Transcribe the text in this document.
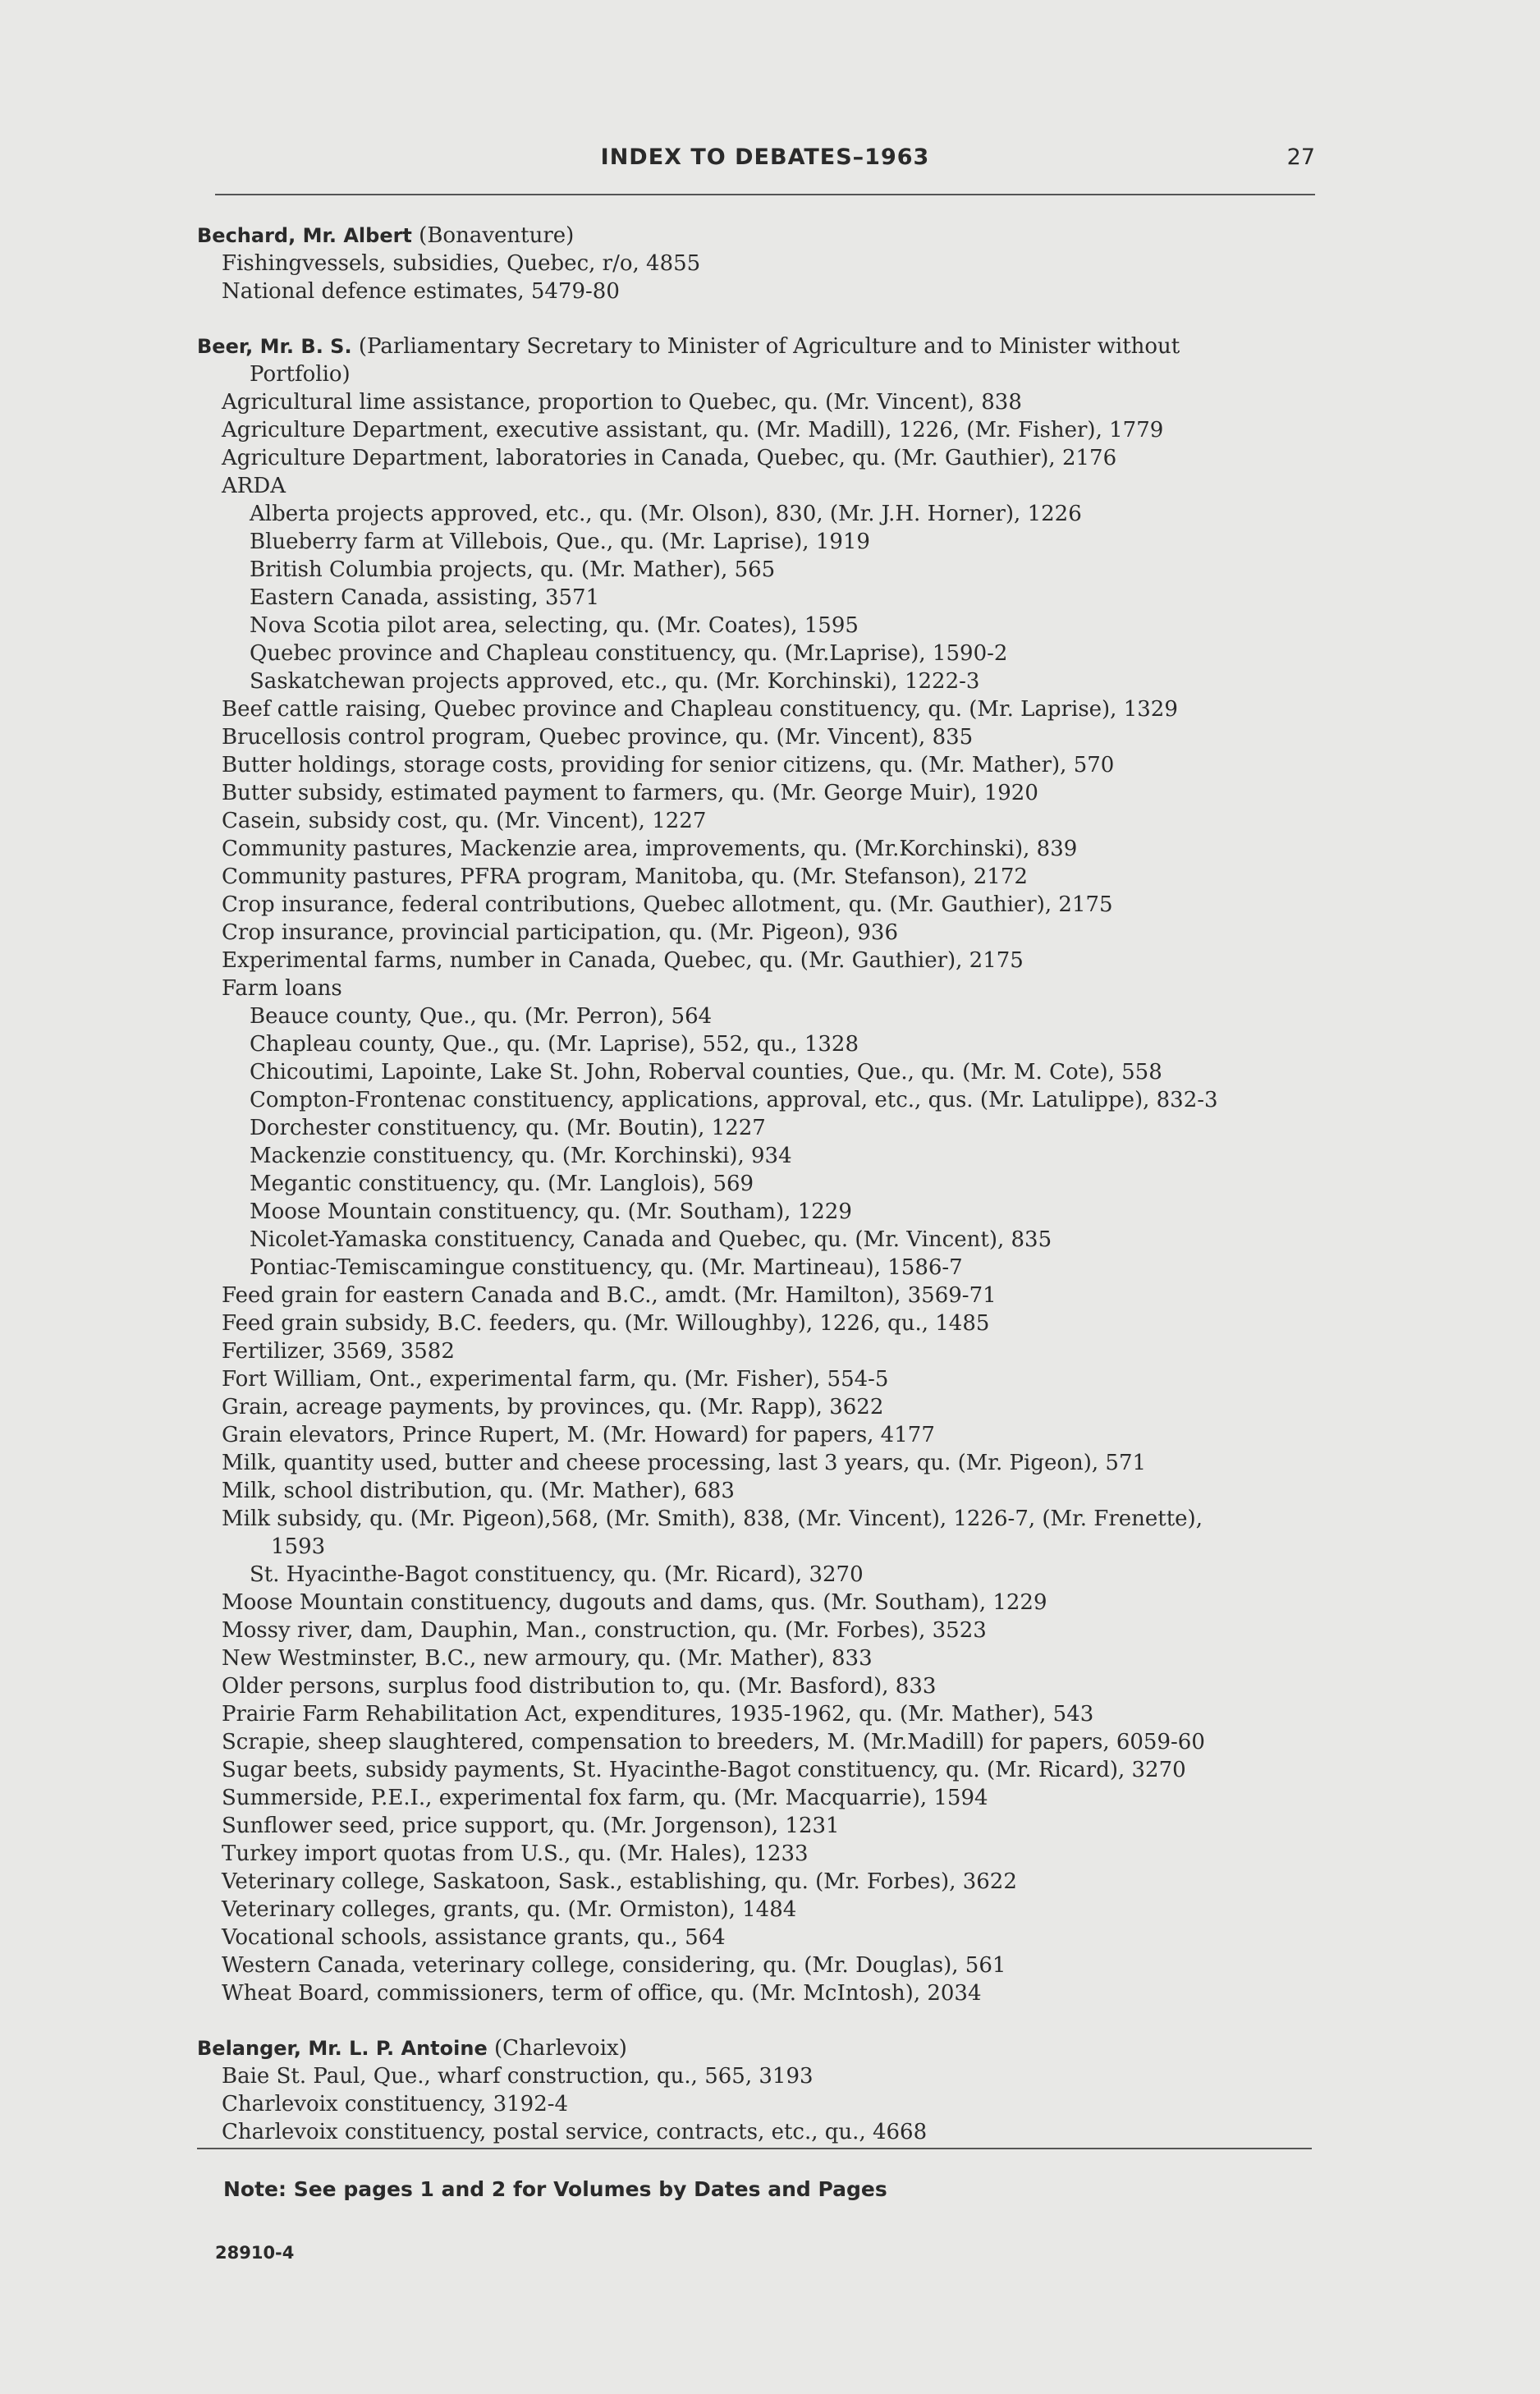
INDEX TO DEBATES–1963	27
Bechard, Mr. Albert (Bonaventure)
Fishingvessels, subsidies, Quebec, r/o, 4855
National defence estimates, 5479-80
Beer, Mr. B. S. (Parliamentary Secretary to Minister of Agriculture and to Minister without
Portfolio)
Agricultural lime assistance, proportion to Quebec, qu. (Mr. Vincent), 838
Agriculture Department, executive assistant, qu. (Mr. Madill), 1226, (Mr. Fisher), 1779
Agriculture Department, laboratories in Canada, Quebec, qu. (Mr. Gauthier), 2176
ARDA
Alberta projects approved, etc., qu. (Mr. Olson), 830, (Mr. J.H. Horner), 1226
Blueberry farm at Villebois, Que., qu. (Mr. Laprise), 1919
British Columbia projects, qu. (Mr. Mather), 565
Eastern Canada, assisting, 3571
Nova Scotia pilot area, selecting, qu. (Mr. Coates), 1595
Quebec province and Chapleau constituency, qu. (Mr.Laprise), 1590-2
Saskatchewan projects approved, etc., qu. (Mr. Korchinski), 1222-3
Beef cattle raising, Quebec province and Chapleau constituency, qu. (Mr. Laprise), 1329
Brucellosis control program, Quebec province, qu. (Mr. Vincent), 835
Butter holdings, storage costs, providing for senior citizens, qu. (Mr. Mather), 570
Butter subsidy, estimated payment to farmers, qu. (Mr. George Muir), 1920
Casein, subsidy cost, qu. (Mr. Vincent), 1227
Community pastures, Mackenzie area, improvements, qu. (Mr.Korchinski), 839
Community pastures, PFRA program, Manitoba, qu. (Mr. Stefanson), 2172
Crop insurance, federal contributions, Quebec allotment, qu. (Mr. Gauthier), 2175
Crop insurance, provincial participation, qu. (Mr. Pigeon), 936
Experimental farms, number in Canada, Quebec, qu. (Mr. Gauthier), 2175
Farm loans
Beauce county, Que., qu. (Mr. Perron), 564
Chapleau county, Que., qu. (Mr. Laprise), 552, qu., 1328
Chicoutimi, Lapointe, Lake St. John, Roberval counties, Que., qu. (Mr. M. Cote), 558
Compton-Frontenac constituency, applications, approval, etc., qus. (Mr. Latulippe), 832-3
Dorchester constituency, qu. (Mr. Boutin), 1227
Mackenzie constituency, qu. (Mr. Korchinski), 934
Megantic constituency, qu. (Mr. Langlois), 569
Moose Mountain constituency, qu. (Mr. Southam), 1229
Nicolet-Yamaska constituency, Canada and Quebec, qu. (Mr. Vincent), 835
Pontiac-Temiscamingue constituency, qu. (Mr. Martineau), 1586-7
Feed grain for eastern Canada and B.C., amdt. (Mr. Hamilton), 3569-71
Feed grain subsidy, B.C. feeders, qu. (Mr. Willoughby), 1226, qu., 1485
Fertilizer, 3569, 3582
Fort William, Ont., experimental farm, qu. (Mr. Fisher), 554-5
Grain, acreage payments, by provinces, qu. (Mr. Rapp), 3622
Grain elevators, Prince Rupert, M. (Mr. Howard) for papers, 4177
Milk, quantity used, butter and cheese processing, last 3 years, qu. (Mr. Pigeon), 571
Milk, school distribution, qu. (Mr. Mather), 683
Milk subsidy, qu. (Mr. Pigeon),568, (Mr. Smith), 838, (Mr. Vincent), 1226-7, (Mr. Frenette),
1593
St. Hyacinthe-Bagot constituency, qu. (Mr. Ricard), 3270
Moose Mountain constituency, dugouts and dams, qus. (Mr. Southam), 1229
Mossy river, dam, Dauphin, Man., construction, qu. (Mr. Forbes), 3523
New Westminster, B.C., new armoury, qu. (Mr. Mather), 833
Older persons, surplus food distribution to, qu. (Mr. Basford), 833
Prairie Farm Rehabilitation Act, expenditures, 1935-1962, qu. (Mr. Mather), 543
Scrapie, sheep slaughtered, compensation to breeders, M. (Mr.Madill) for papers, 6059-60
Sugar beets, subsidy payments, St. Hyacinthe-Bagot constituency, qu. (Mr. Ricard), 3270
Summerside, P.E.I., experimental fox farm, qu. (Mr. Macquarrie), 1594
Sunflower seed, price support, qu. (Mr. Jorgenson), 1231
Turkey import quotas from U.S., qu. (Mr. Hales), 1233
Veterinary college, Saskatoon, Sask., establishing, qu. (Mr. Forbes), 3622
Veterinary colleges, grants, qu. (Mr. Ormiston), 1484
Vocational schools, assistance grants, qu., 564
Western Canada, veterinary college, considering, qu. (Mr. Douglas), 561
Wheat Board, commissioners, term of office, qu. (Mr. McIntosh), 2034
Belanger, Mr. L. P. Antoine (Charlevoix)
Baie St. Paul, Que., wharf construction, qu., 565, 3193
Charlevoix constituency, 3192-4
Charlevoix constituency, postal service, contracts, etc., qu., 4668
Note: See pages 1 and 2 for Volumes by Dates and Pages
28910-4
